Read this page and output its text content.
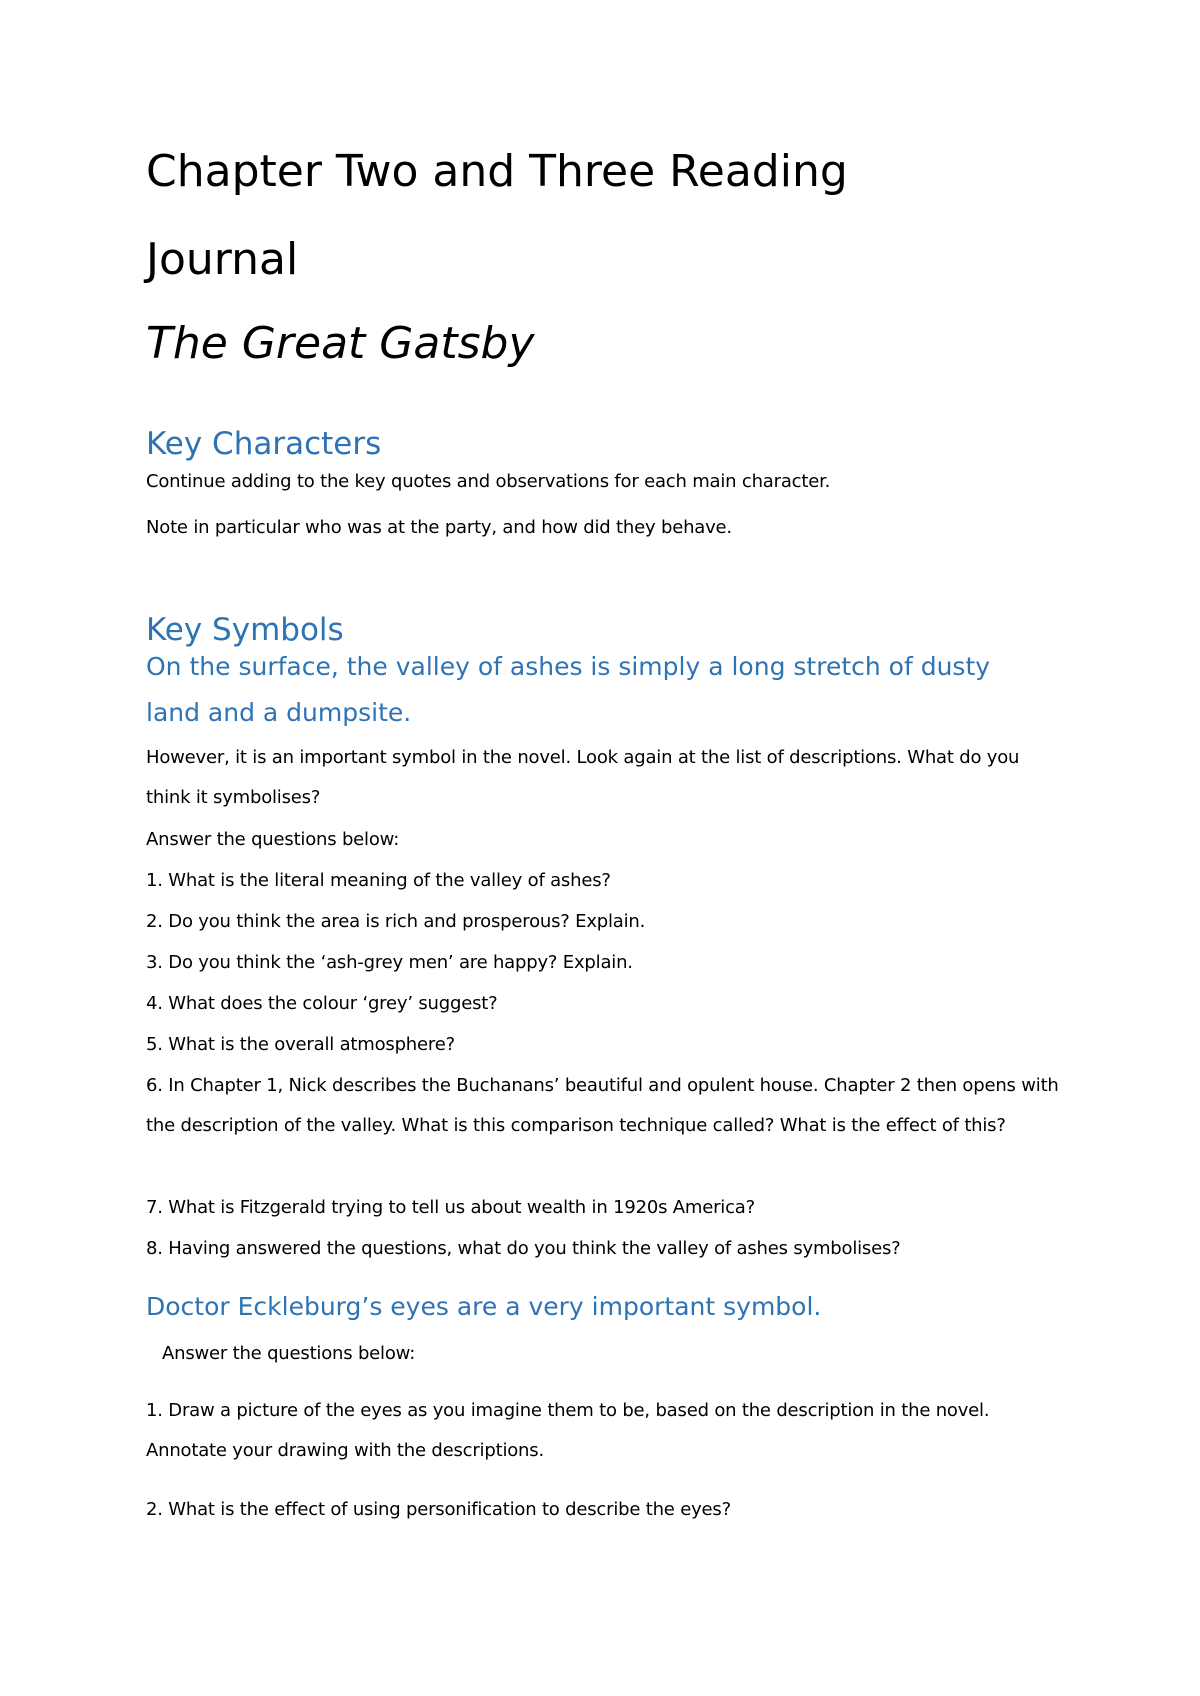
Chapter Two and Three Reading
Journal
The Great Gatsby
Key Characters

Continue adding to the key quotes and observations for each main character.

Note in particular who was at the party, and how did they behave.

Key Symbols

On the surface, the valley of ashes is simply a long stretch of dusty land and a dumpsite.

However, it is an important symbol in the novel. Look again at the list of descriptions. What do you think it symbolises?

Answer the questions below:

1. What is the literal meaning of the valley of ashes?

2. Do you think the area is rich and prosperous? Explain.

3. Do you think the ‘ash-grey men’ are happy? Explain.

4. What does the colour ‘grey’ suggest?

5. What is the overall atmosphere?

6. In Chapter 1, Nick describes the Buchanans’ beautiful and opulent house. Chapter 2 then opens with the description of the valley. What is this comparison technique called? What is the effect of this?

7. What is Fitzgerald trying to tell us about wealth in 1920s America?

8. Having answered the questions, what do you think the valley of ashes symbolises?

Doctor Eckleburg’s eyes are a very important symbol.

Answer the questions below:

1. Draw a picture of the eyes as you imagine them to be, based on the description in the novel. Annotate your drawing with the descriptions.

2. What is the effect of using personification to describe the eyes?
